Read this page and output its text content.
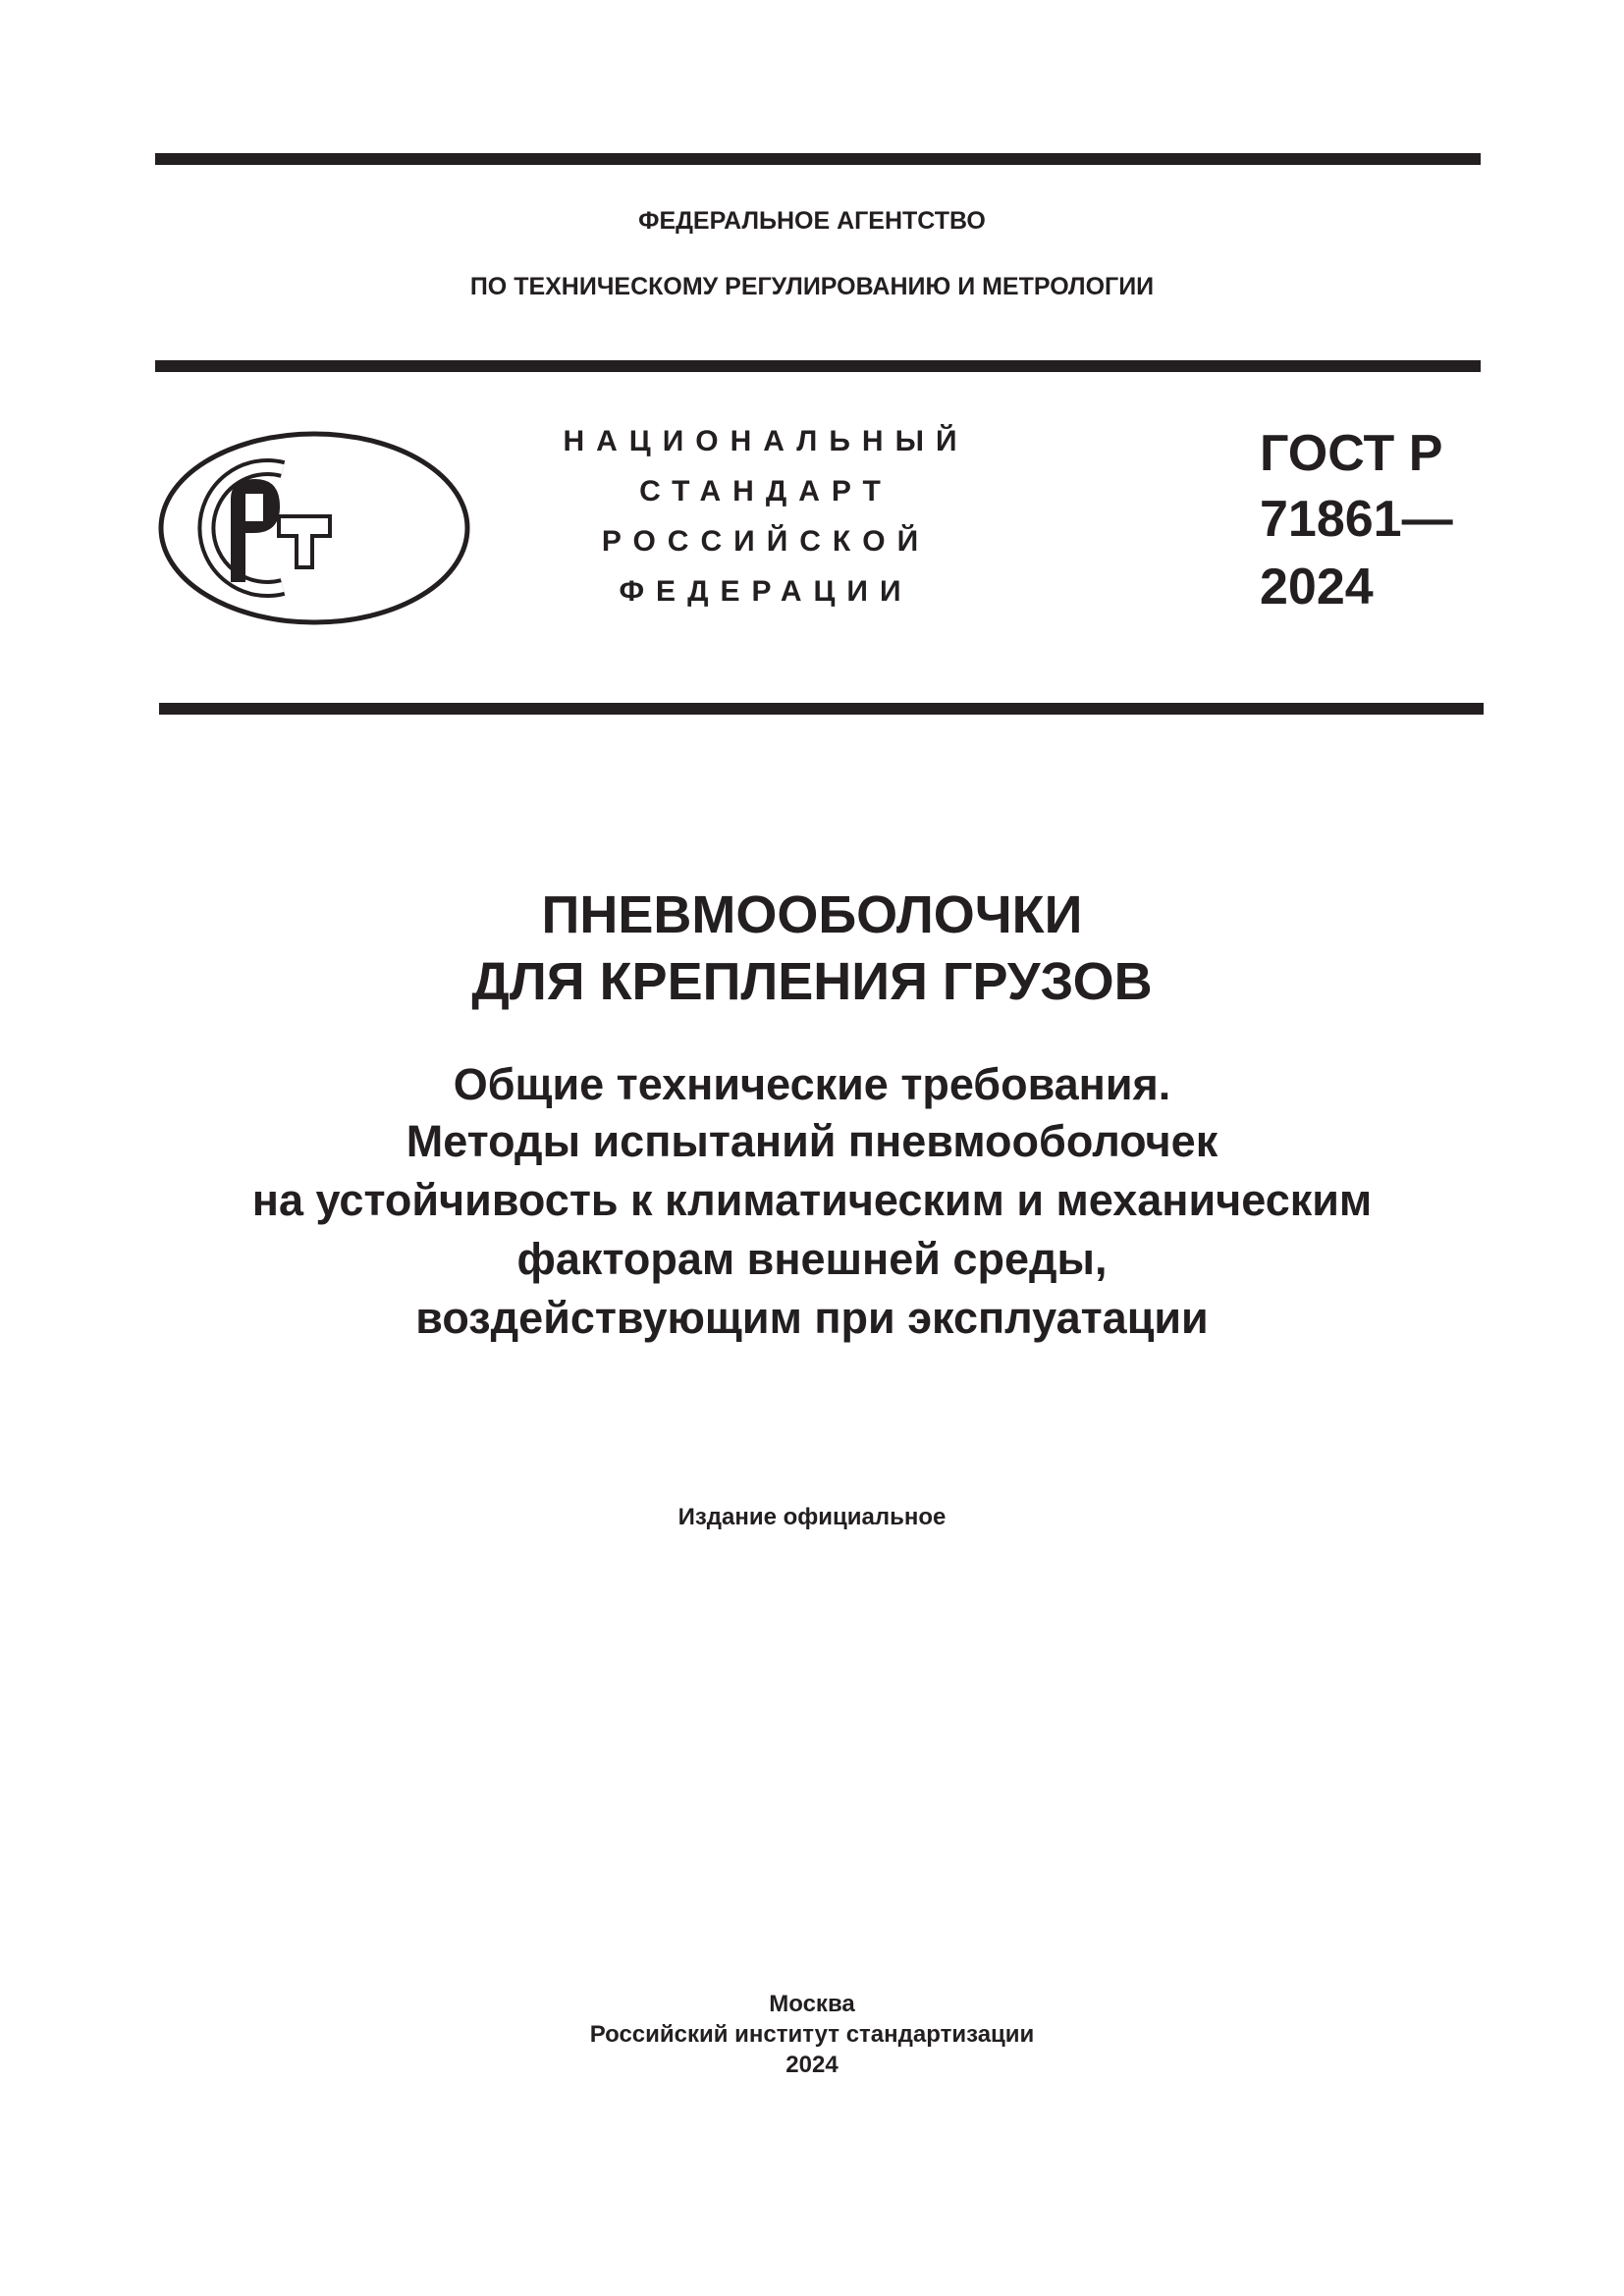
ФЕДЕРАЛЬНОЕ АГЕНТСТВО
ПО ТЕХНИЧЕСКОМУ РЕГУЛИРОВАНИЮ И МЕТРОЛОГИИ
НАЦИОНАЛЬНЫЙ
СТАНДАРТ
РОССИЙСКОЙ
ФЕДЕРАЦИИ
ГОСТ Р
71861—
2024
ПНЕВМООБОЛОЧКИ
ДЛЯ КРЕПЛЕНИЯ ГРУЗОВ
Общие технические требования.
Методы испытаний пневмооболочек
на устойчивость к климатическим и механическим
факторам внешней среды,
воздействующим при эксплуатации
Издание официальное
Москва
Российский институт стандартизации
2024
